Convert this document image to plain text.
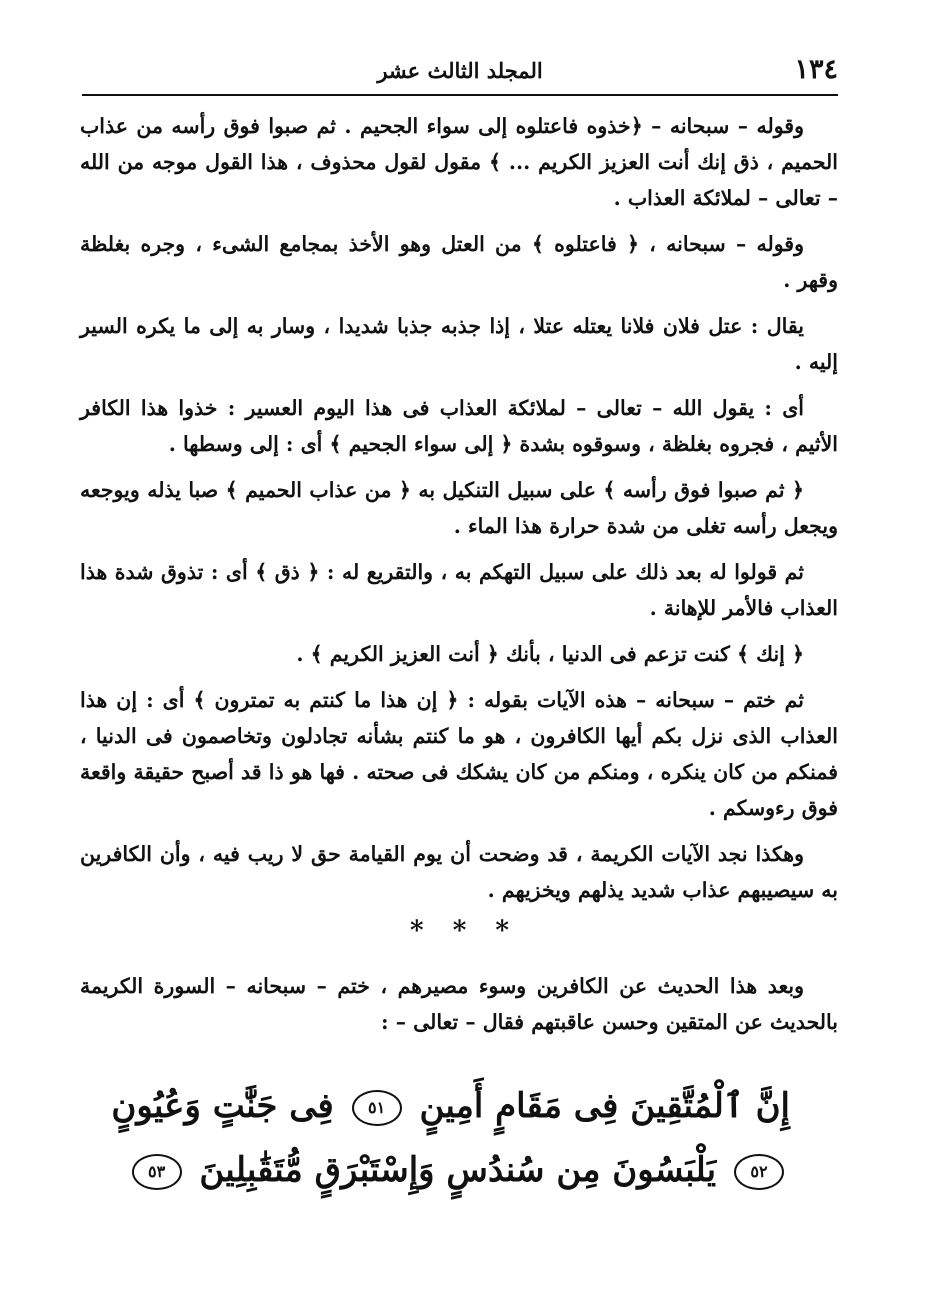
١٣٤
المجلد الثالث عشر

وقوله – سبحانه – ﴿خذوه فاعتلوه إلى سواء الجحيم . ثم صبوا فوق رأسه من عذاب الحميم ، ذق إنك أنت العزيز الكريم ... ﴾ مقول لقول محذوف ، هذا القول موجه من الله – تعالى – لملائكة العذاب .

وقوله – سبحانه ، ﴿ فاعتلوه ﴾ من العتل وهو الأخذ بمجامع الشىء ، وجره بغلظة وقهر .

يقال : عتل فلان فلانا يعتله عتلا ، إذا جذبه جذبا شديدا ، وسار به إلى ما يكره السير إليه .

أى : يقول الله – تعالى – لملائكة العذاب فى هذا اليوم العسير : خذوا هذا الكافر الأثيم ، فجروه بغلظة ، وسوقوه بشدة ﴿ إلى سواء الجحيم ﴾ أى : إلى وسطها .

﴿ ثم صبوا فوق رأسه ﴾ على سبيل التنكيل به ﴿ من عذاب الحميم ﴾ صبا يذله ويوجعه ويجعل رأسه تغلى من شدة حرارة هذا الماء .

ثم قولوا له بعد ذلك على سبيل التهكم به ، والتقريع له : ﴿ ذق ﴾ أى : تذوق شدة هذا العذاب فالأمر للإهانة .

﴿ إنك ﴾ كنت تزعم فى الدنيا ، بأنك ﴿ أنت العزيز الكريم ﴾ .

ثم ختم – سبحانه – هذه الآيات بقوله : ﴿ إن هذا ما كنتم به تمترون ﴾ أى : إن هذا العذاب الذى نزل بكم أيها الكافرون ، هو ما كنتم بشأنه تجادلون وتخاصمون فى الدنيا ، فمنكم من كان ينكره ، ومنكم من كان يشكك فى صحته . فها هو ذا قد أصبح حقيقة واقعة فوق رءوسكم .

وهكذا نجد الآيات الكريمة ، قد وضحت أن يوم القيامة حق لا ريب فيه ، وأن الكافرين به سيصيبهم عذاب شديد يذلهم ويخزيهم .

* * *

وبعد هذا الحديث عن الكافرين وسوء مصيرهم ، ختم – سبحانه – السورة الكريمة بالحديث عن المتقين وحسن عاقبتهم فقال – تعالى – :

إِنَّ ٱلْمُتَّقِينَ فِى مَقَامٍ أَمِينٍ ٥١ فِى جَنَّٰتٍ وَعُيُونٍ
٥٢ يَلْبَسُونَ مِن سُندُسٍ وَإِسْتَبْرَقٍ مُّتَقَٰبِلِينَ ٥٣
